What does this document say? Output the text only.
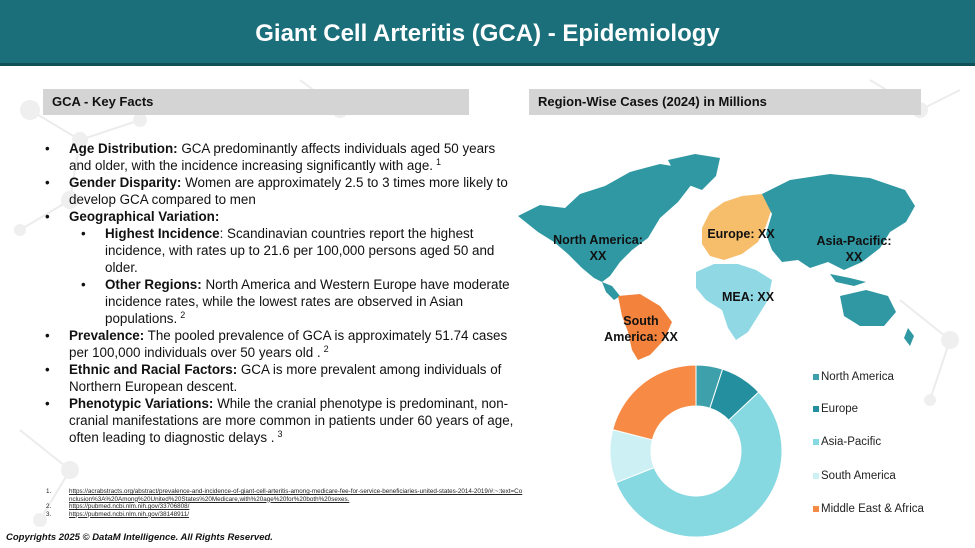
Giant Cell Arteritis (GCA) - Epidemiology
GCA - Key Facts	Region-Wise Cases (2024) in Millions
• Age Distribution: GCA predominantly affects individuals aged 50 years and older, with the incidence increasing significantly with age. $^1$
• Gender Disparity: Women are approximately 2.5 to 3 times more likely to develop GCA compared to men
• Geographical Variation:
• Highest Incidence: Scandinavian countries report the highest incidence, with rates up to 21.6 per 100,000 persons aged 50 and older.
• Other Regions: North America and Western Europe have moderate incidence rates, while the lowest rates are observed in Asian populations. $^2$
• Prevalence: The pooled prevalence of GCA is approximately 51.74 cases per 100,000 individuals over 50 years old . $^2$
• Ethnic and Racial Factors: GCA is more prevalent among individuals of Northern European descent.
• Phenotypic Variations: While the cranial phenotype is predominant, non-cranial manifestations are more common in patients under 60 years of age, often leading to diagnostic delays . $^3$
1.	https://acrabstracts.org/abstract/prevalence-and-incidence-of-giant-cell-arteritis-among-medicare-fee-for-service-beneficiaries-united-states-2014-2019/#:~:text=Conclusion%3A%20Among%20United%20States%20Medicare,with%20age%20for%20both%20sexes.
2.	https://pubmed.ncbi.nlm.nih.gov/33706808/
3.	https://pubmed.ncbi.nlm.nih.gov/38148911/
North America: XX
Europe: XX	Asia-Pacific: XX
MEA: XX
South America: XX
North America
Europe
Asia-Pacific
South America
Middle East & Africa
Copyrights 2025 © DataM Intelligence. All Rights Reserved.
